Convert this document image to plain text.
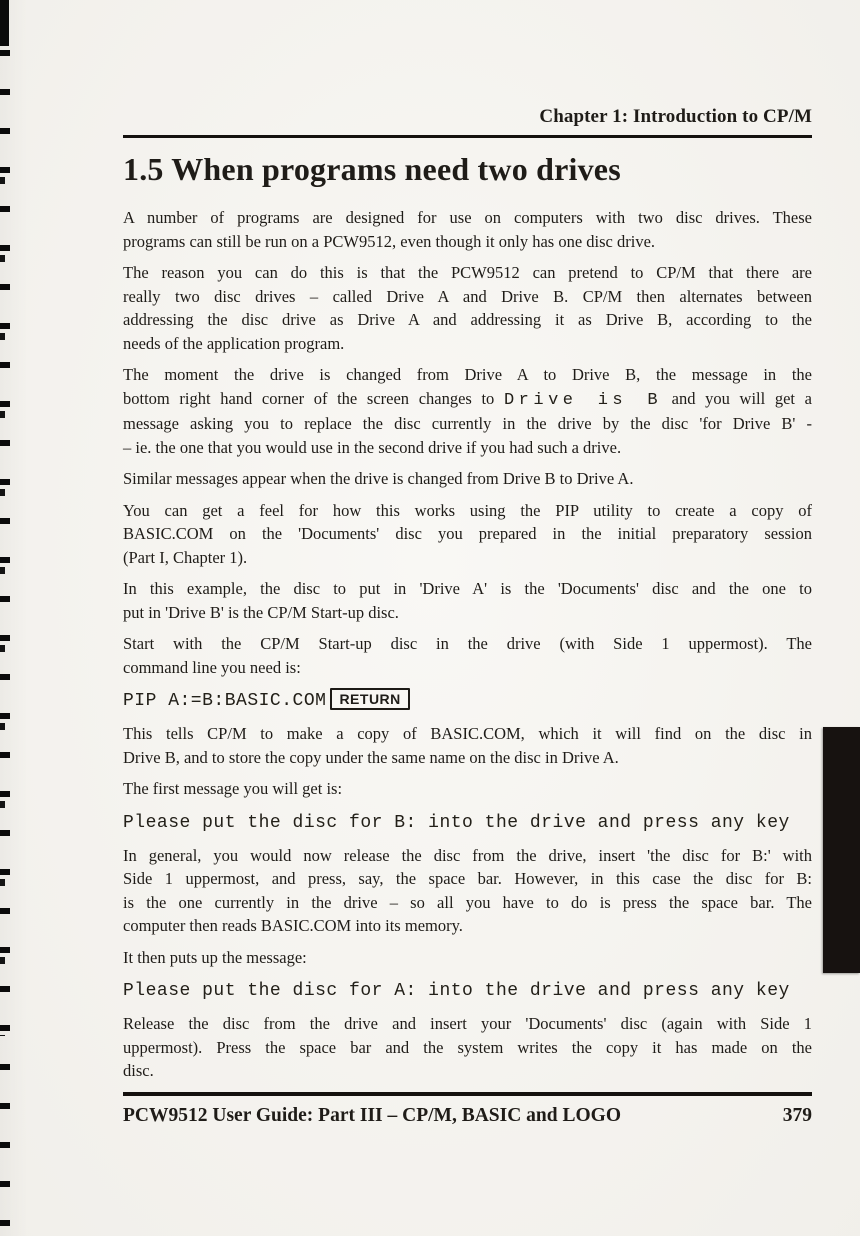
Chapter 1: Introduction to CP/M
1.5 When programs need two drives
A number of programs are designed for use on computers with two disc drives. These
programs can still be run on a PCW9512, even though it only has one disc drive.
The reason you can do this is that the PCW9512 can pretend to CP/M that there are
really two disc drives – called Drive A and Drive B. CP/M then alternates between
addressing the disc drive as Drive A and addressing it as Drive B, according to the
needs of the application program.
The moment the drive is changed from Drive A to Drive B, the message in the
bottom right hand corner of the screen changes to Drive is B and you will get a
message asking you to replace the disc currently in the drive by the disc 'for Drive B' -
– ie. the one that you would use in the second drive if you had such a drive.
Similar messages appear when the drive is changed from Drive B to Drive A.
You can get a feel for how this works using the PIP utility to create a copy of
BASIC.COM on the 'Documents' disc you prepared in the initial preparatory session
(Part I, Chapter 1).
In this example, the disc to put in 'Drive A' is the 'Documents' disc and the one to
put in 'Drive B' is the CP/M Start-up disc.
Start with the CP/M Start-up disc in the drive (with Side 1 uppermost). The
command line you need is:
PIP A:=B:BASIC.COM RETURN
This tells CP/M to make a copy of BASIC.COM, which it will find on the disc in
Drive B, and to store the copy under the same name on the disc in Drive A.
The first message you will get is:
Please put the disc for B: into the drive and press any key
In general, you would now release the disc from the drive, insert 'the disc for B:' with
Side 1 uppermost, and press, say, the space bar. However, in this case the disc for B:
is the one currently in the drive – so all you have to do is press the space bar. The
computer then reads BASIC.COM into its memory.
It then puts up the message:
Please put the disc for A: into the drive and press any key
Release the disc from the drive and insert your 'Documents' disc (again with Side 1
uppermost). Press the space bar and the system writes the copy it has made on the
disc.
PCW9512 User Guide: Part III – CP/M, BASIC and LOGO	379
